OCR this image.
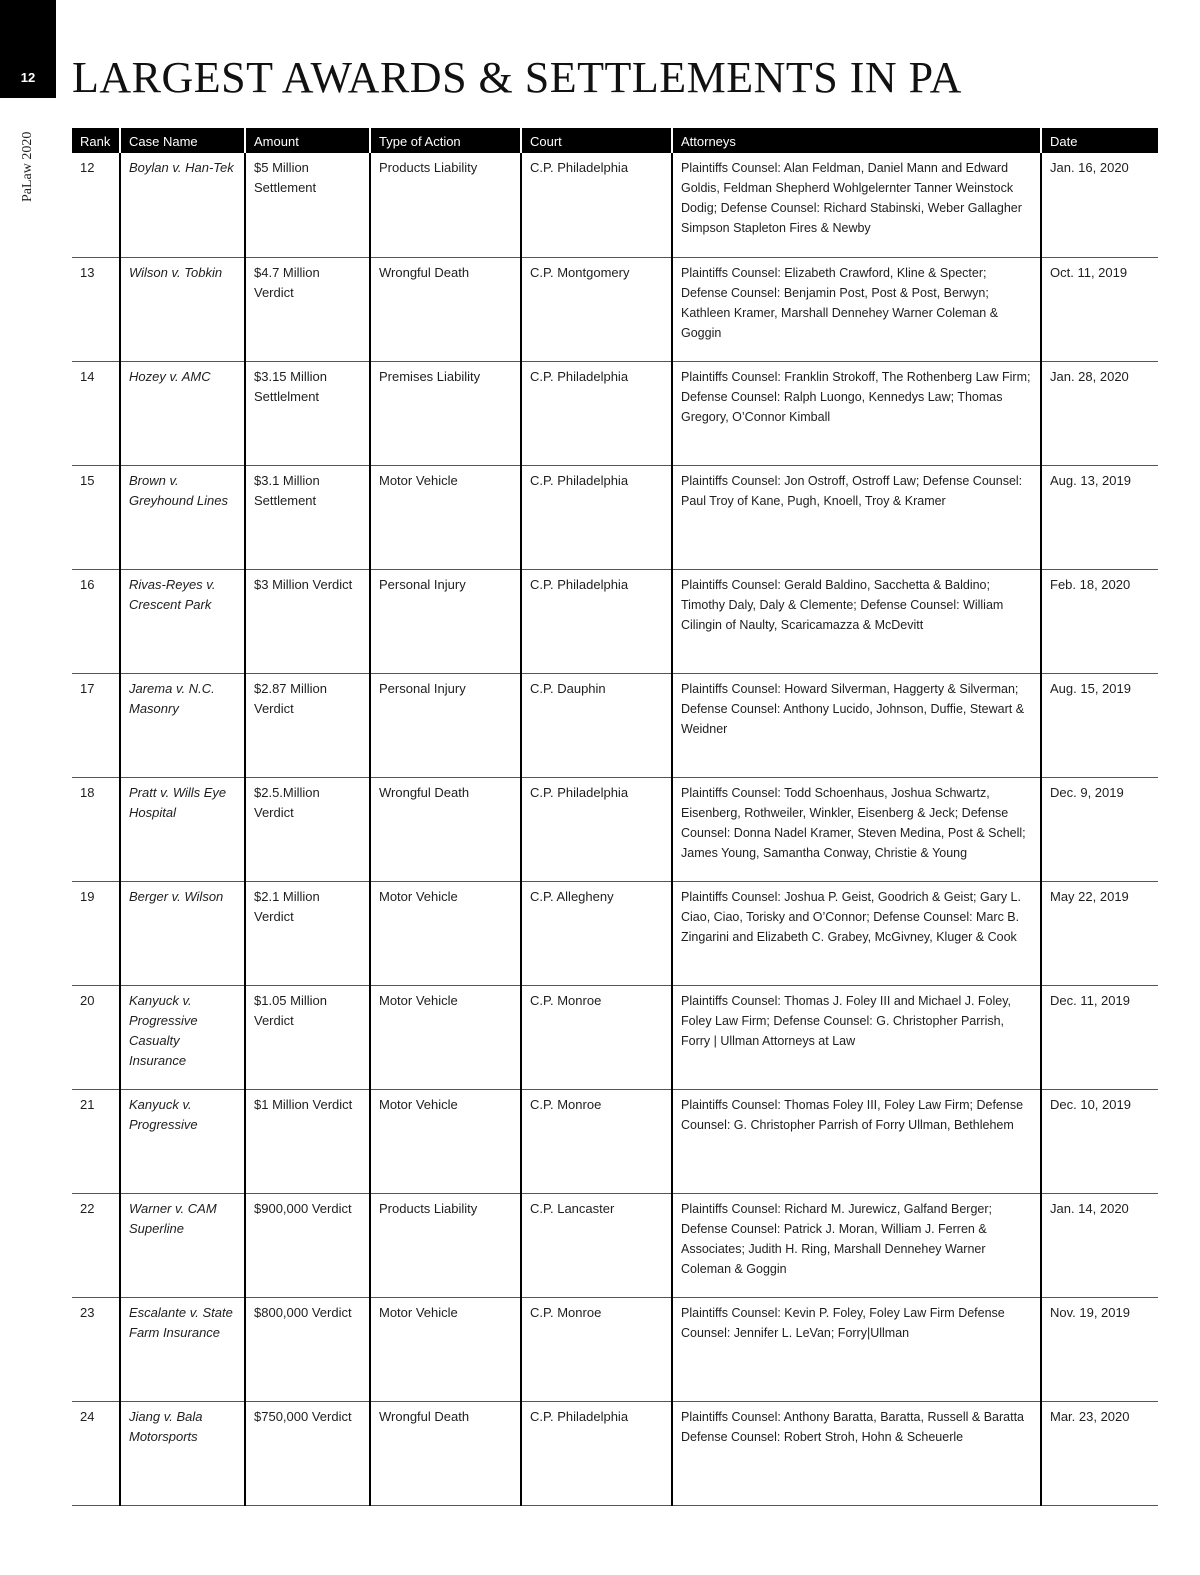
12
PaLaw 2020
LARGEST AWARDS & SETTLEMENTS IN PA
Rank	Case Name	Amount	Type of Action	Court	Attorneys	Date
12	Boylan v. Han-Tek	$5 Million Settlement	Products Liability	C.P. Philadelphia	Plaintiffs Counsel: Alan Feldman, Daniel Mann and Edward Goldis, Feldman Shepherd Wohlgelernter Tanner Weinstock Dodig; Defense Counsel: Richard Stabinski, Weber Gallagher Simpson Stapleton Fires & Newby	Jan. 16, 2020
13	Wilson v. Tobkin	$4.7 Million Verdict	Wrongful Death	C.P. Montgomery	Plaintiffs Counsel: Elizabeth Crawford, Kline & Specter; Defense Counsel: Benjamin Post, Post & Post, Berwyn; Kathleen Kramer, Marshall Dennehey Warner Coleman & Goggin	Oct. 11, 2019
14	Hozey v. AMC	$3.15 Million Settlelment	Premises Liability	C.P. Philadelphia	Plaintiffs Counsel: Franklin Strokoff, The Rothenberg Law Firm; Defense Counsel: Ralph Luongo, Kennedys Law; Thomas Gregory, O’Connor Kimball	Jan. 28, 2020
15	Brown v. Greyhound Lines	$3.1 Million Settlement	Motor Vehicle	C.P. Philadelphia	Plaintiffs Counsel: Jon Ostroff, Ostroff Law; Defense Counsel: Paul Troy of Kane, Pugh, Knoell, Troy & Kramer	Aug. 13, 2019
16	Rivas-Reyes v. Crescent Park	$3 Million Verdict	Personal Injury	C.P. Philadelphia	Plaintiffs Counsel: Gerald Baldino, Sacchetta & Baldino; Timothy Daly, Daly & Clemente; Defense Counsel: William Cilingin of Naulty, Scaricamazza & McDevitt	Feb. 18, 2020
17	Jarema v. N.C. Masonry	$2.87 Million Verdict	Personal Injury	C.P. Dauphin	Plaintiffs Counsel: Howard Silverman, Haggerty & Silverman; Defense Counsel: Anthony Lucido, Johnson, Duffie, Stewart & Weidner	Aug. 15, 2019
18	Pratt v. Wills Eye Hospital	$2.5.Million Verdict	Wrongful Death	C.P. Philadelphia	Plaintiffs Counsel: Todd Schoenhaus, Joshua Schwartz, Eisenberg, Rothweiler, Winkler, Eisenberg & Jeck; Defense Counsel: Donna Nadel Kramer, Steven Medina, Post & Schell; James Young, Samantha Conway, Christie & Young	Dec. 9, 2019
19	Berger v. Wilson	$2.1 Million Verdict	Motor Vehicle	C.P. Allegheny	Plaintiffs Counsel: Joshua P. Geist, Goodrich & Geist; Gary L. Ciao, Ciao, Torisky and O’Connor; Defense Counsel: Marc B. Zingarini and Elizabeth C. Grabey, McGivney, Kluger & Cook	May 22, 2019
20	Kanyuck v. Progressive Casualty Insurance	$1.05 Million Verdict	Motor Vehicle	C.P. Monroe	Plaintiffs Counsel: Thomas J. Foley III and Michael J. Foley, Foley Law Firm; Defense Counsel: G. Christopher Parrish, Forry | Ullman Attorneys at Law	Dec. 11, 2019
21	Kanyuck v. Progressive	$1 Million Verdict	Motor Vehicle	C.P. Monroe	Plaintiffs Counsel: Thomas Foley III, Foley Law Firm; Defense Counsel: G. Christopher Parrish of Forry Ullman, Bethlehem	Dec. 10, 2019
22	Warner v. CAM Superline	$900,000 Verdict	Products Liability	C.P. Lancaster	Plaintiffs Counsel: Richard M. Jurewicz, Galfand Berger; Defense Counsel: Patrick J. Moran, William J. Ferren & Associates; Judith H. Ring, Marshall Dennehey Warner Coleman & Goggin	Jan. 14, 2020
23	Escalante v. State Farm Insurance	$800,000 Verdict	Motor Vehicle	C.P. Monroe	Plaintiffs Counsel: Kevin P. Foley, Foley Law Firm Defense Counsel: Jennifer L. LeVan; Forry|Ullman	Nov. 19, 2019
24	Jiang v. Bala Motorsports	$750,000 Verdict	Wrongful Death	C.P. Philadelphia	Plaintiffs Counsel: Anthony Baratta, Baratta, Russell & Baratta Defense Counsel: Robert Stroh, Hohn & Scheuerle	Mar. 23, 2020
